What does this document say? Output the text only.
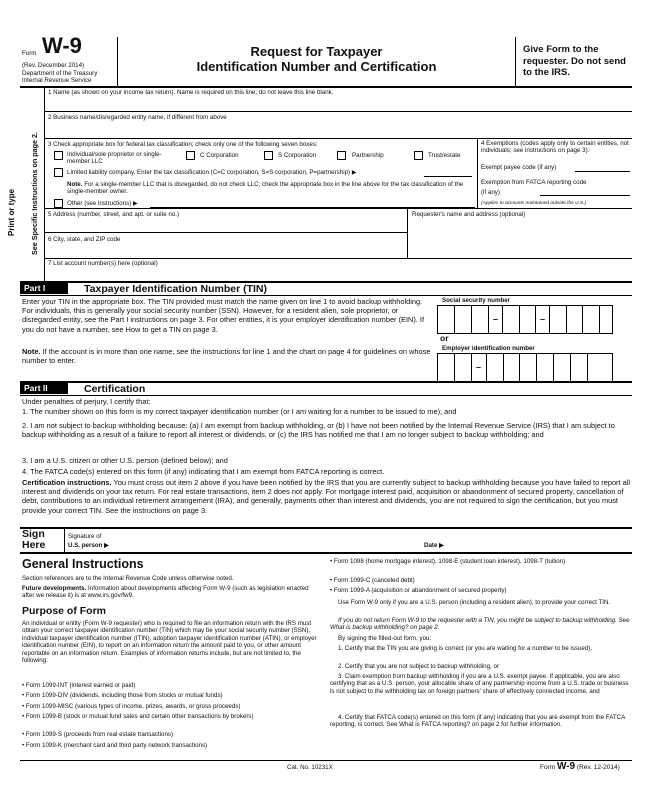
Form W-9
(Rev. December 2014)
Department of the Treasury
Internal Revenue Service
Request for Taxpayer
Identification Number and Certification
Give Form to the requester. Do not send to the IRS.
Print or type See Specific Instructions on page 2.
1 Name (as shown on your income tax return). Name is required on this line; do not leave this line blank.
2 Business name/disregarded entity name, if different from above
3 Check appropriate box for federal tax classification; check only one of the following seven boxes:
Individual/sole proprietor or single-member LLC
C Corporation	S Corporation	Partnership	Trust/estate
Limited liability company. Enter the tax classification (C=C corporation, S=S corporation, P=partnership) ▶
Note. For a single-member LLC that is disregarded, do not check LLC; check the appropriate box in the line above for the tax classification of the single-member owner.
Other (see instructions) ▶
4 Exemptions (codes apply only to certain entities, not individuals; see instructions on page 3):
Exempt payee code (if any)
Exemption from FATCA reporting code (if any)
(Applies to accounts maintained outside the U.S.)
5 Address (number, street, and apt. or suite no.)	Requester's name and address (optional)
6 City, state, and ZIP code
7 List account number(s) here (optional)
Part I	Taxpayer Identification Number (TIN)
Enter your TIN in the appropriate box. The TIN provided must match the name given on line 1 to avoid backup withholding. For individuals, this is generally your social security number (SSN). However, for a resident alien, sole proprietor, or disregarded entity, see the Part I instructions on page 3. For other entities, it is your employer identification number (EIN). If you do not have a number, see How to get a TIN on page 3.
Note. If the account is in more than one name, see the instructions for line 1 and the chart on page 4 for guidelines on whose number to enter.
Social security number
–	–
or
Employer identification number
–
Part II	Certification
Under penalties of perjury, I certify that:
1. The number shown on this form is my correct taxpayer identification number (or I am waiting for a number to be issued to me); and
2. I am not subject to backup withholding because: (a) I am exempt from backup withholding, or (b) I have not been notified by the Internal Revenue Service (IRS) that I am subject to backup withholding as a result of a failure to report all interest or dividends, or (c) the IRS has notified me that I am no longer subject to backup withholding; and
3. I am a U.S. citizen or other U.S. person (defined below); and
4. The FATCA code(s) entered on this form (if any) indicating that I am exempt from FATCA reporting is correct.
Certification instructions. You must cross out item 2 above if you have been notified by the IRS that you are currently subject to backup withholding because you have failed to report all interest and dividends on your tax return. For real estate transactions, item 2 does not apply. For mortgage interest paid, acquisition or abandonment of secured property, cancellation of debt, contributions to an individual retirement arrangement (IRA), and generally, payments other than interest and dividends, you are not required to sign the certification, but you must provide your correct TIN. See the instructions on page 3.
Sign
Here
Signature of
U.S. person ▶	Date ▶
General Instructions
Section references are to the Internal Revenue Code unless otherwise noted.
Future developments. Information about developments affecting Form W-9 (such as legislation enacted after we release it) is at www.irs.gov/fw9.
Purpose of Form
An individual or entity (Form W-9 requester) who is required to file an information return with the IRS must obtain your correct taxpayer identification number (TIN) which may be your social security number (SSN), individual taxpayer identification number (ITIN), adoption taxpayer identification number (ATIN), or employer identification number (EIN), to report on an information return the amount paid to you, or other amount reportable on an information return. Examples of information returns include, but are not limited to, the following:
• Form 1099-INT (interest earned or paid)
• Form 1099-DIV (dividends, including those from stocks or mutual funds)
• Form 1099-MISC (various types of income, prizes, awards, or gross proceeds)
• Form 1099-B (stock or mutual fund sales and certain other transactions by brokers)
• Form 1099-S (proceeds from real estate transactions)
• Form 1099-K (merchant card and third party network transactions)
• Form 1098 (home mortgage interest), 1098-E (student loan interest), 1098-T (tuition)
• Form 1099-C (canceled debt)
• Form 1099-A (acquisition or abandonment of secured property)
Use Form W-9 only if you are a U.S. person (including a resident alien), to provide your correct TIN.
If you do not return Form W-9 to the requester with a TIN, you might be subject to backup withholding. See What is backup withholding? on page 2.
By signing the filled-out form, you:
1. Certify that the TIN you are giving is correct (or you are waiting for a number to be issued),
2. Certify that you are not subject to backup withholding, or
3. Claim exemption from backup withholding if you are a U.S. exempt payee. If applicable, you are also certifying that as a U.S. person, your allocable share of any partnership income from a U.S. trade or business is not subject to the withholding tax on foreign partners' share of effectively connected income, and
4. Certify that FATCA code(s) entered on this form (if any) indicating that you are exempt from the FATCA reporting, is correct. See What is FATCA reporting? on page 2 for further information.
Cat. No. 10231X	Form W-9 (Rev. 12-2014)
